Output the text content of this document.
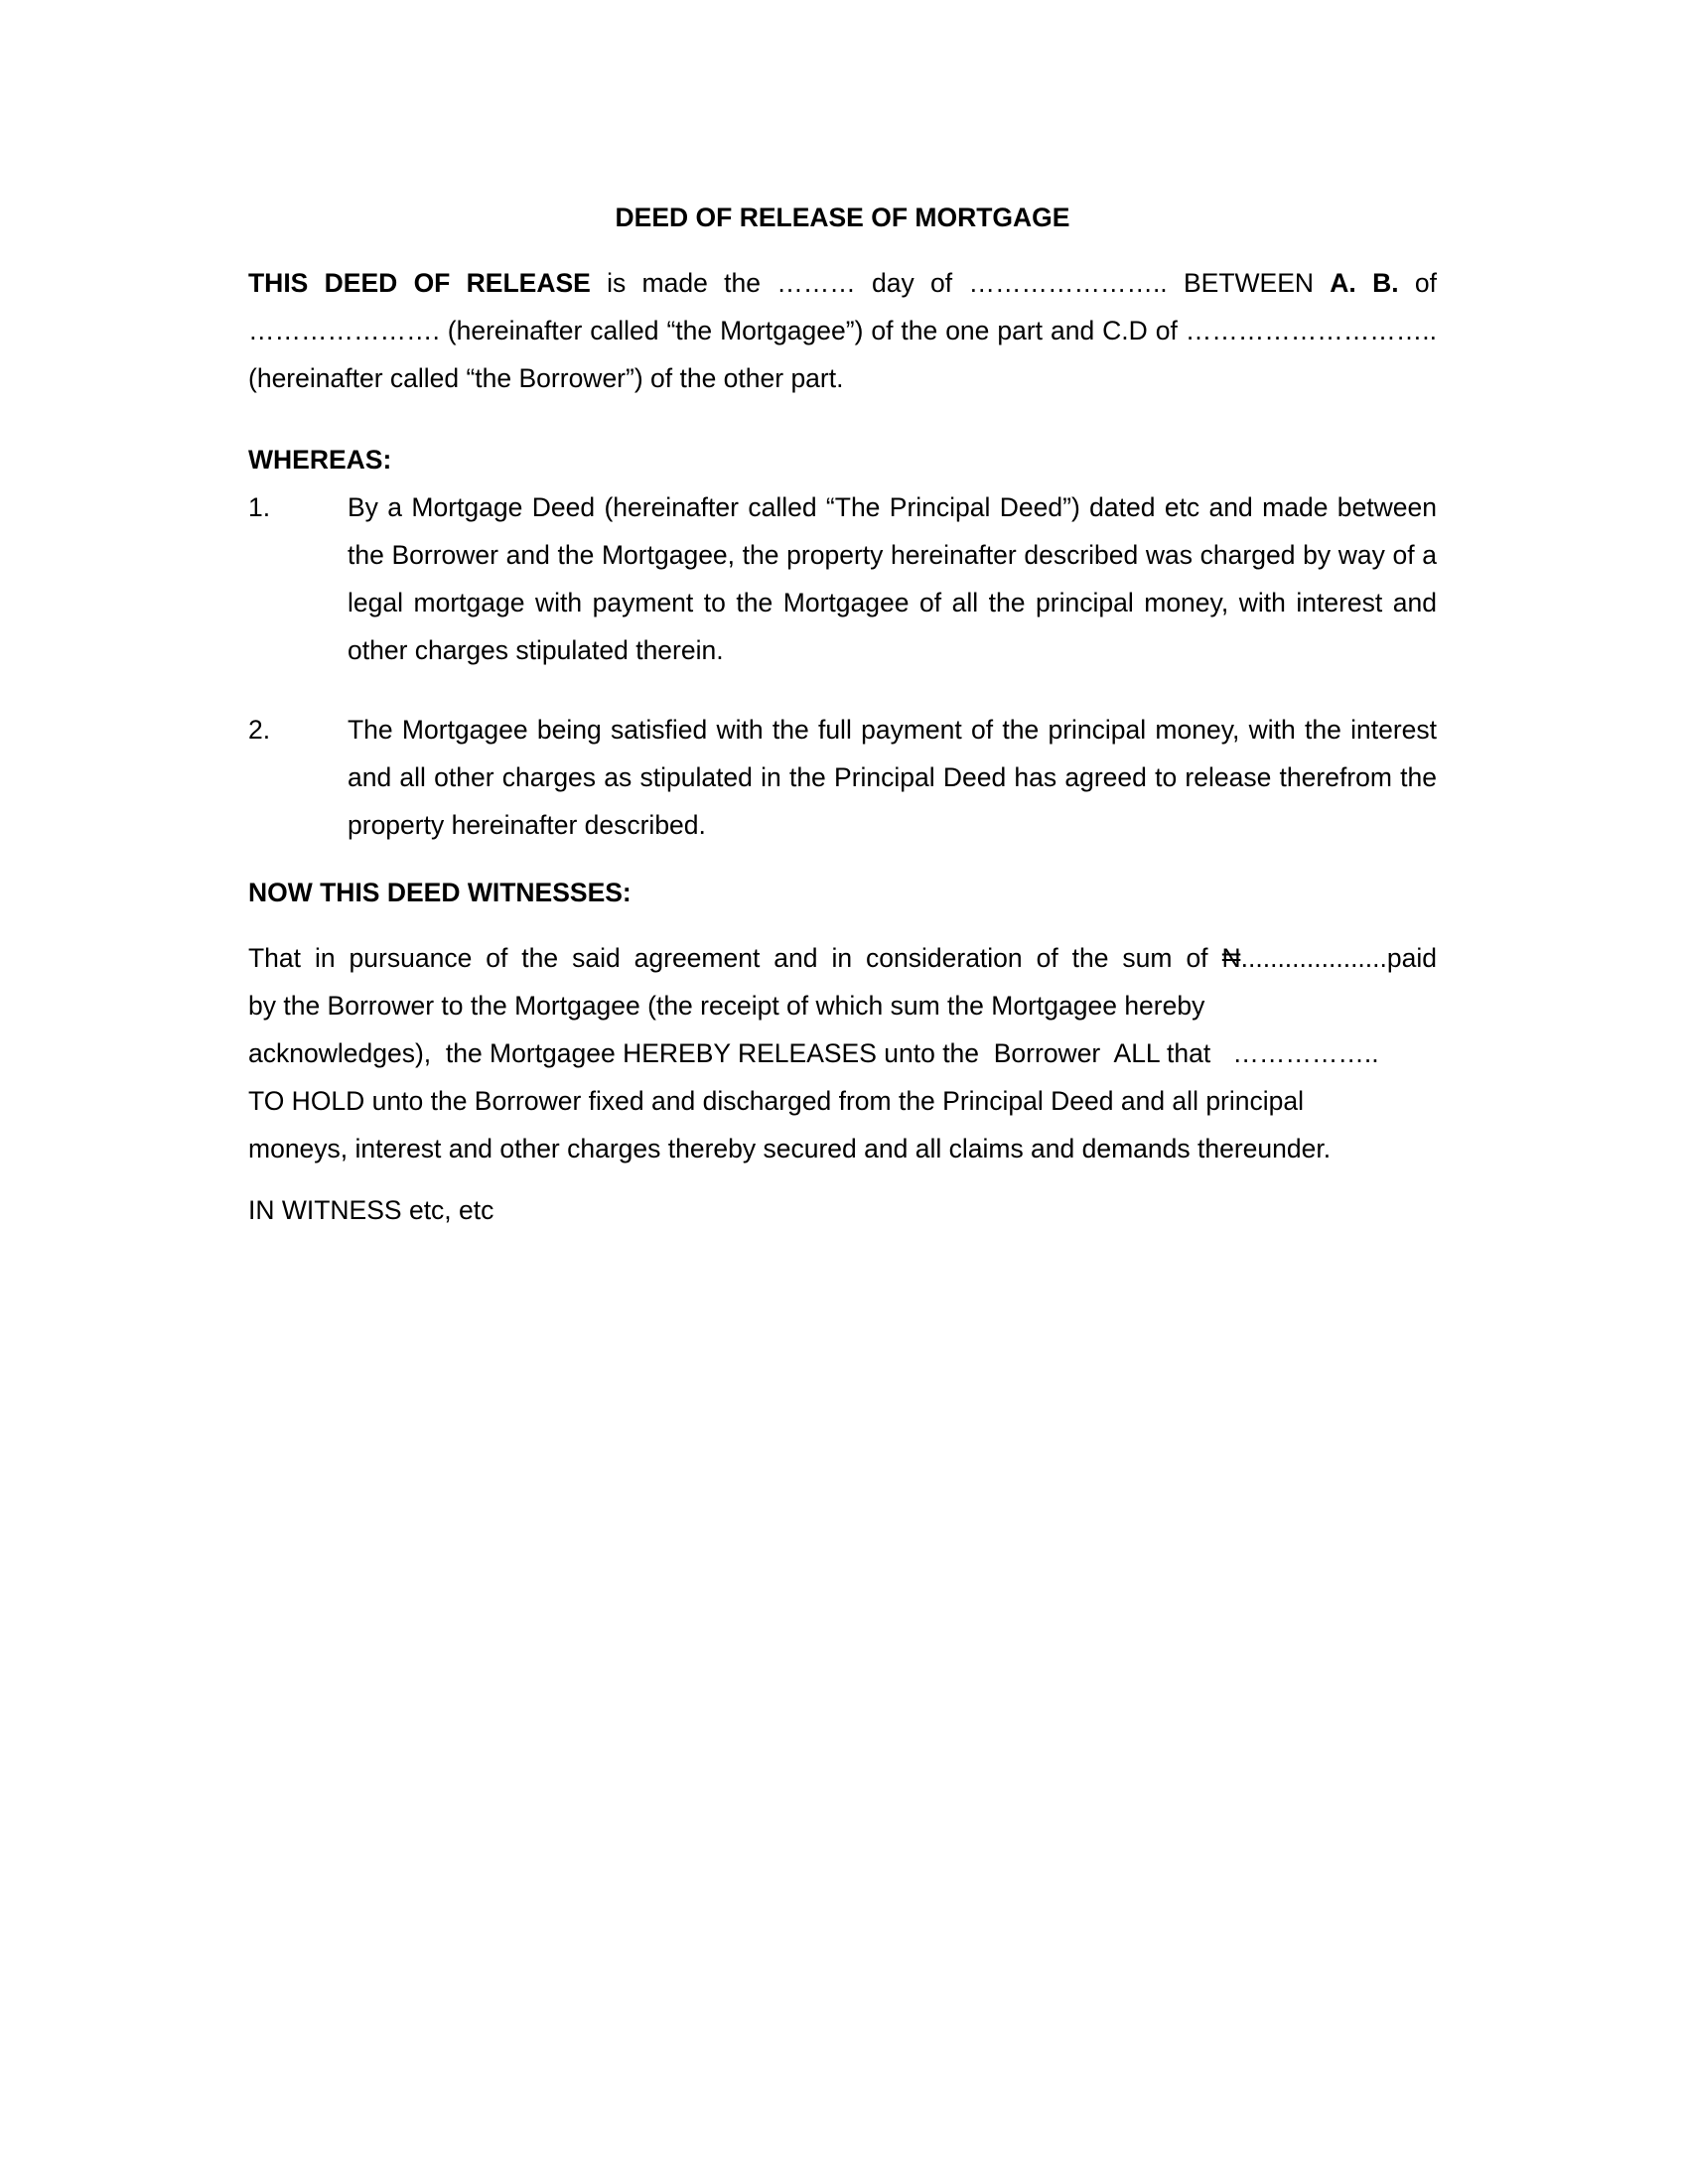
DEED OF RELEASE OF MORTGAGE

THIS DEED OF RELEASE is made the ……… day of ………………….. BETWEEN A. B. of …………………. (hereinafter called “the Mortgagee”) of the one part and C.D of ……………………….. (hereinafter called “the Borrower”) of the other part.

WHEREAS:

1.	By a Mortgage Deed (hereinafter called “The Principal Deed”) dated etc and made between the Borrower and the Mortgagee, the property hereinafter described was charged by way of a legal mortgage with payment to the Mortgagee of all the principal money, with interest and other charges stipulated therein.
2.	The Mortgagee being satisfied with the full payment of the principal money, with the interest and all other charges as stipulated in the Principal Deed has agreed to release therefrom the property hereinafter described.

NOW THIS DEED WITNESSES:

That in pursuance of the said agreement and in consideration of the sum of ₦....................paid
by the Borrower to the Mortgagee (the receipt of which sum the Mortgagee hereby
acknowledges),  the Mortgagee HEREBY RELEASES unto the  Borrower  ALL that   ……………..
TO HOLD unto the Borrower fixed and discharged from the Principal Deed and all principal
moneys, interest and other charges thereby secured and all claims and demands thereunder.

IN WITNESS etc, etc
